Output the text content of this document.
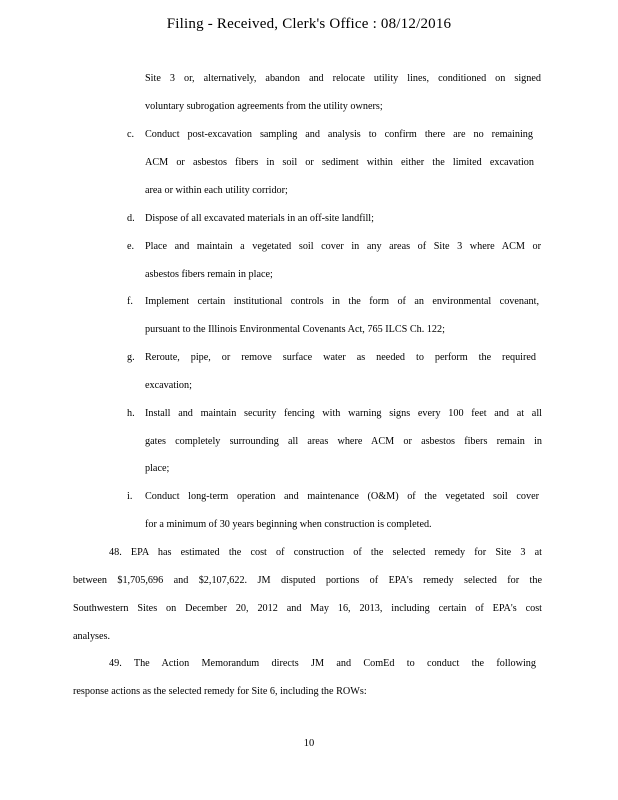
Filing - Received, Clerk's Office : 08/12/2016
Site 3 or, alternatively, abandon and relocate utility lines, conditioned on signed
voluntary subrogation agreements from the utility owners;
c. Conduct post-excavation sampling and analysis to confirm there are no remaining
ACM or asbestos fibers in soil or sediment within either the limited excavation
area or within each utility corridor;
d. Dispose of all excavated materials in an off-site landfill;
e. Place and maintain a vegetated soil cover in any areas of Site 3 where ACM or
asbestos fibers remain in place;
f. Implement certain institutional controls in the form of an environmental covenant,
pursuant to the Illinois Environmental Covenants Act, 765 ILCS Ch. 122;
g. Reroute, pipe, or remove surface water as needed to perform the required
excavation;
h. Install and maintain security fencing with warning signs every 100 feet and at all
gates completely surrounding all areas where ACM or asbestos fibers remain in
place;
i. Conduct long-term operation and maintenance (O&M) of the vegetated soil cover
for a minimum of 30 years beginning when construction is completed.
48. EPA has estimated the cost of construction of the selected remedy for Site 3 at
between $1,705,696 and $2,107,622. JM disputed portions of EPA's remedy selected for the
Southwestern Sites on December 20, 2012 and May 16, 2013, including certain of EPA's cost
analyses.
49. The Action Memorandum directs JM and ComEd to conduct the following
response actions as the selected remedy for Site 6, including the ROWs:
10
